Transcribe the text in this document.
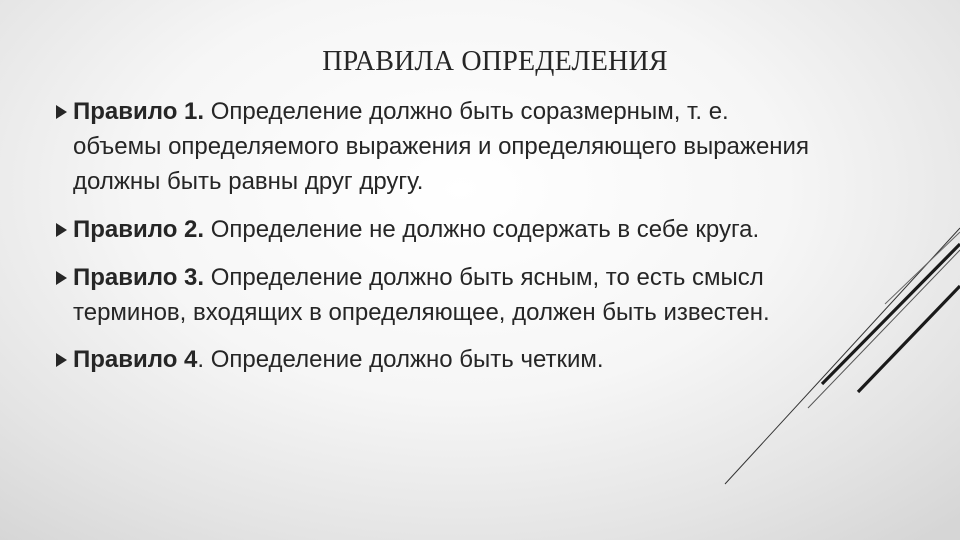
ПРАВИЛА ОПРЕДЕЛЕНИЯ
Правило 1. Определение должно быть соразмерным, т. е. объемы определяемого выражения и определяющего выражения должны быть равны друг другу.
Правило 2. Определение не должно содержать в себе круга.
Правило 3. Определение должно быть ясным, то есть смысл терминов, входящих в определяющее, должен быть известен.
Правило 4. Определение должно быть четким.
